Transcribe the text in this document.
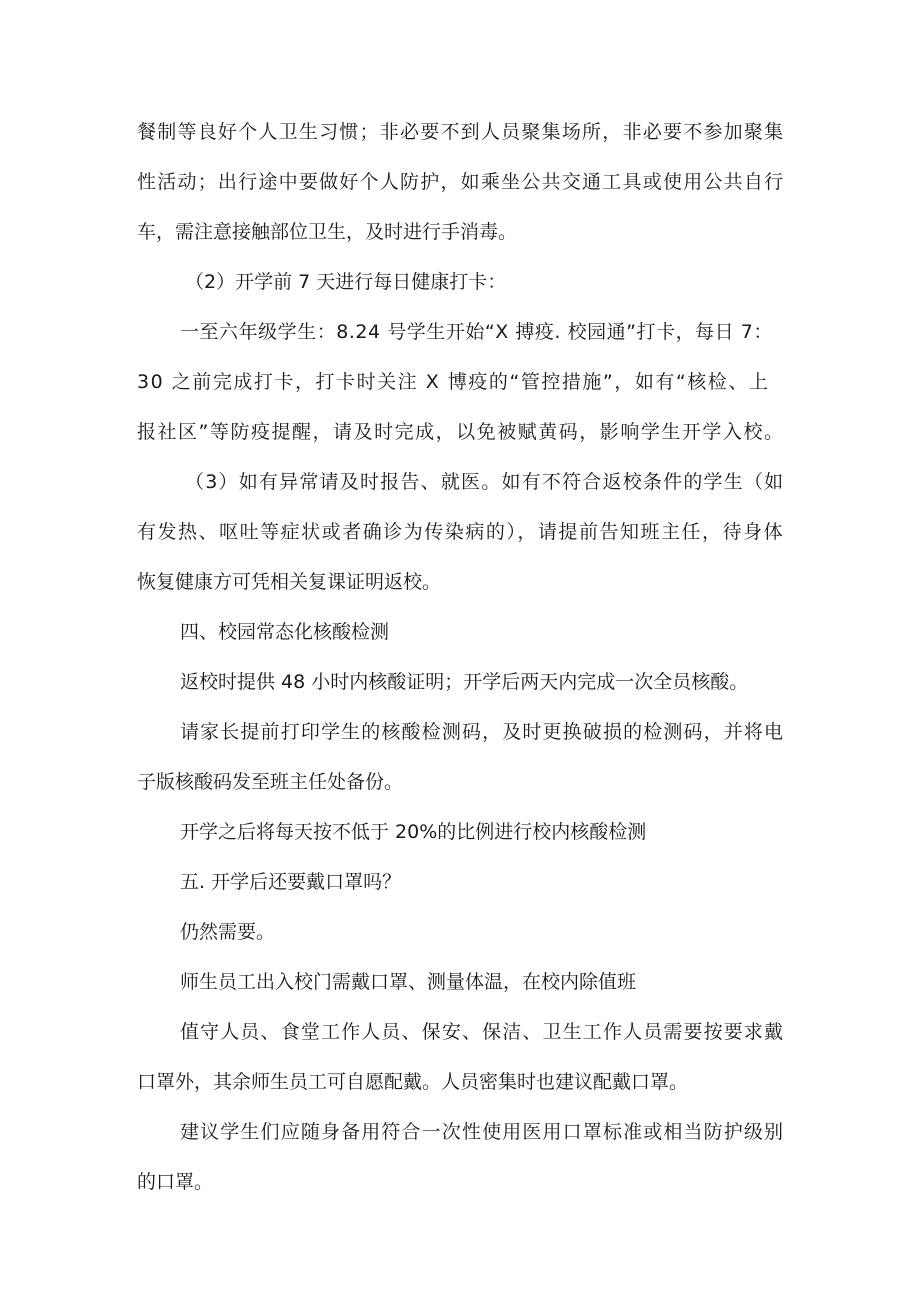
餐制等良好个人卫生习惯；非必要不到人员聚集场所，非必要不参加聚集

性活动；出行途中要做好个人防护，如乘坐公共交通工具或使用公共自行

车，需注意接触部位卫生，及时进行手消毒。

（2）开学前 7 天进行每日健康打卡：

一至六年级学生：8.24 号学生开始“X 搏疫. 校园通”打卡，每日 7：

30 之前完成打卡，打卡时关注 X 博疫的“管控措施”，如有“核检、上

报社区”等防疫提醒，请及时完成，以免被赋黄码，影响学生开学入校。

（3）如有异常请及时报告、就医。如有不符合返校条件的学生（如

有发热、呕吐等症状或者确诊为传染病的），请提前告知班主任，待身体

恢复健康方可凭相关复课证明返校。

四、校园常态化核酸检测

返校时提供 48 小时内核酸证明；开学后两天内完成一次全员核酸。

请家长提前打印学生的核酸检测码，及时更换破损的检测码，并将电

子版核酸码发至班主任处备份。

开学之后将每天按不低于 20%的比例进行校内核酸检测

五. 开学后还要戴口罩吗？

仍然需要。

师生员工出入校门需戴口罩、测量体温，在校内除值班

值守人员、食堂工作人员、保安、保洁、卫生工作人员需要按要求戴

口罩外，其余师生员工可自愿配戴。人员密集时也建议配戴口罩。

建议学生们应随身备用符合一次性使用医用口罩标准或相当防护级别

的口罩。
